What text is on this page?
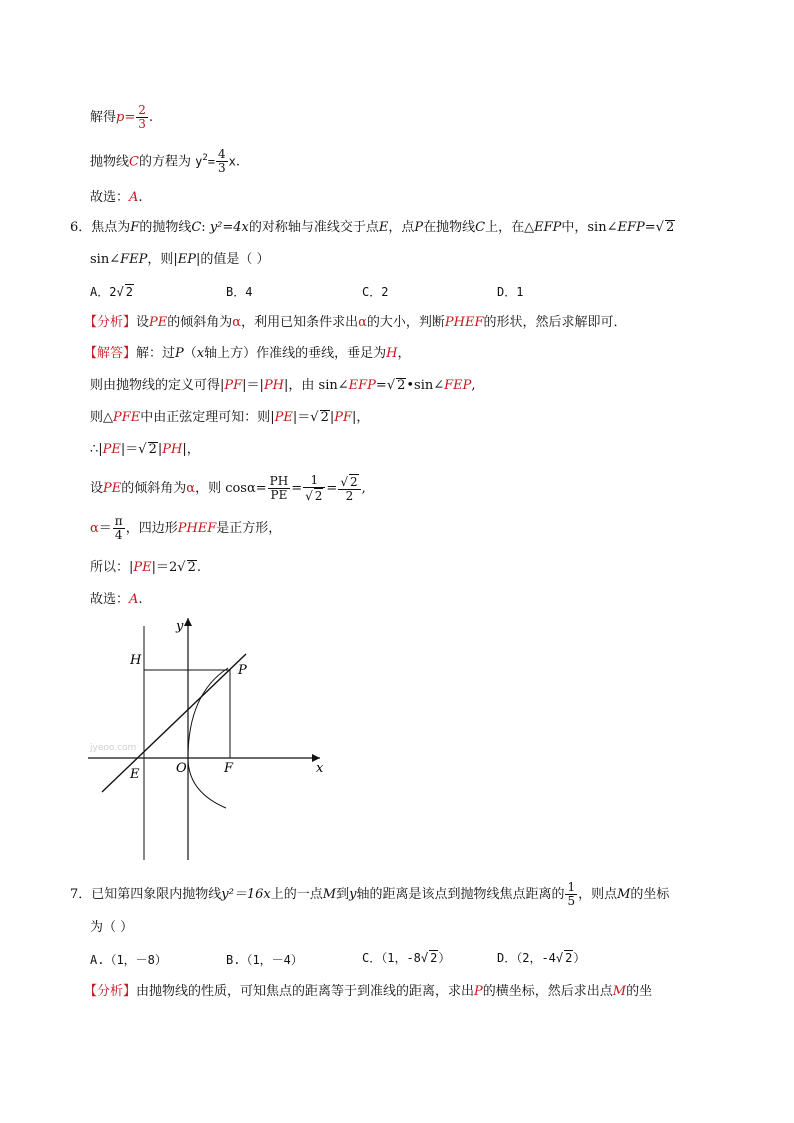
解得$p= \frac{2}{3}$ .
抛物线C的方程为 $y^2= \frac{4}{3} x$.
故选：A.
6．焦点为F的抛物线C: y²=4x的对称轴与准线交于点E，点P在抛物线C上，在△EFP中，sin∠EFP=√ 2
sin∠FEP，则|EP|的值是（ ）
A．2√ 2	B．4	C．2	D．1
【分析】设PE的倾斜角为α，利用已知条件求出α的大小，判断PHEF的形状，然后求解即可．
【解答】解：过P（x轴上方）作准线的垂线，垂足为H，
则由抛物线的定义可得|PF|＝|PH|，由 sin∠EFP=√ 2•sin∠FEP,
则△PFE中由正弦定理可知：则|PE|＝√ 2|PF|，
∴|PE|＝√ 2|PH|，
设PE的倾斜角为α，则 $\cos\alpha= \frac{PH}{PE} = \frac{1}{√ 2} = \frac{√ 2}{2}$ ,
$\alpha= \frac{\pi}{4}$ ，四边形PHEF是正方形，
所以：|PE|＝2√ 2.
故选：A.
y
x
H
P
E	O	F
jyeoo.com
7．已知第四象限内抛物线y²＝16x上的一点M到y轴的距离是该点到抛物线焦点距离的 $\frac{1}{5}$ ，则点M的坐标
为（ ）
A.（1，－8）	B.（1，－4）	C．（1，-8√ 2）	D．（2，-4√ 2）
【分析】由抛物线的性质，可知焦点的距离等于到准线的距离，求出P的横坐标，然后求出点M的坐
